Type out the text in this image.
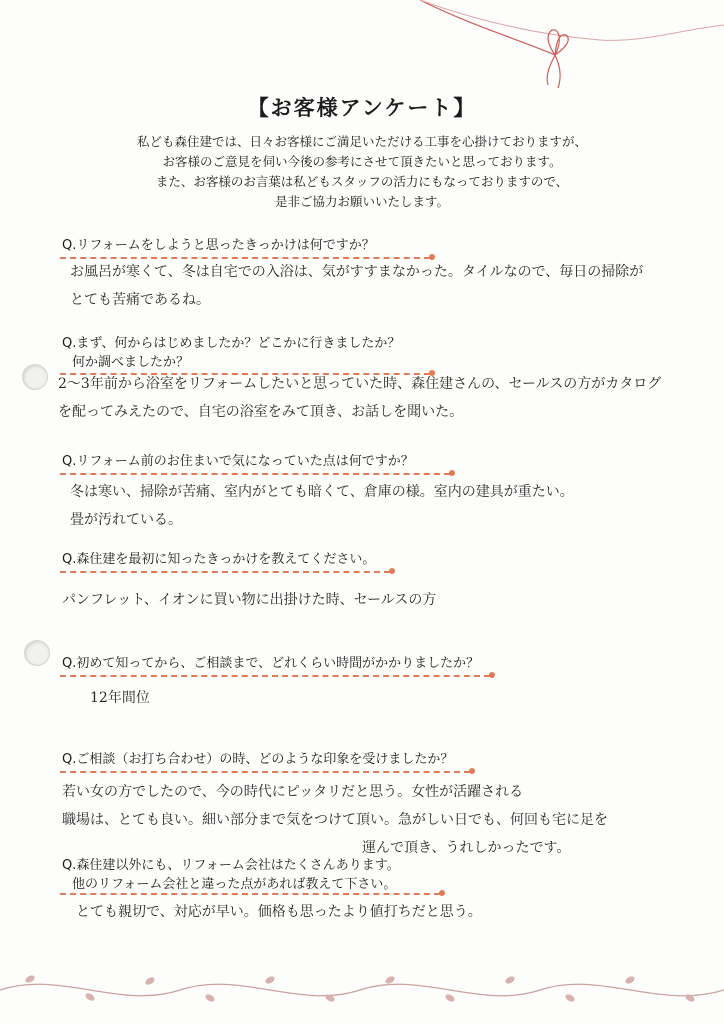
【お客様アンケート】
私ども森住建では、日々お客様にご満足いただける工事を心掛けておりますが、
お客様のご意見を伺い今後の参考にさせて頂きたいと思っております。
また、お客様のお言葉は私どもスタッフの活力にもなっておりますので、
是非ご協力お願いいたします。
Q.リフォームをしようと思ったきっかけは何ですか？
お風呂が寒くて、冬は自宅での入浴は、気がすすまなかった。タイルなので、毎日の掃除が
とても苦痛であるね。
Q.まず、何からはじめましたか？どこかに行きましたか？
何か調べましたか？
2〜3年前から浴室をリフォームしたいと思っていた時、森住建さんの、セールスの方がカタログ
を配ってみえたので、自宅の浴室をみて頂き、お話しを聞いた。
Q.リフォーム前のお住まいで気になっていた点は何ですか？
冬は寒い、掃除が苦痛、室内がとても暗くて、倉庫の様。室内の建具が重たい。
畳が汚れている。
Q.森住建を最初に知ったきっかけを教えてください。
パンフレット、イオンに買い物に出掛けた時、セールスの方
Q.初めて知ってから、ご相談まで、どれくらい時間がかかりましたか？
12年間位
Q.ご相談（お打ち合わせ）の時、どのような印象を受けましたか？
若い女の方でしたので、今の時代にピッタリだと思う。女性が活躍される
職場は、とても良い。細い部分まで気をつけて頂い。急がしい日でも、何回も宅に足を
運んで頂き、うれしかったです。
Q.森住建以外にも、リフォーム会社はたくさんあります。
他のリフォーム会社と違った点があれば教えて下さい。
とても親切で、対応が早い。価格も思ったより値打ちだと思う。
